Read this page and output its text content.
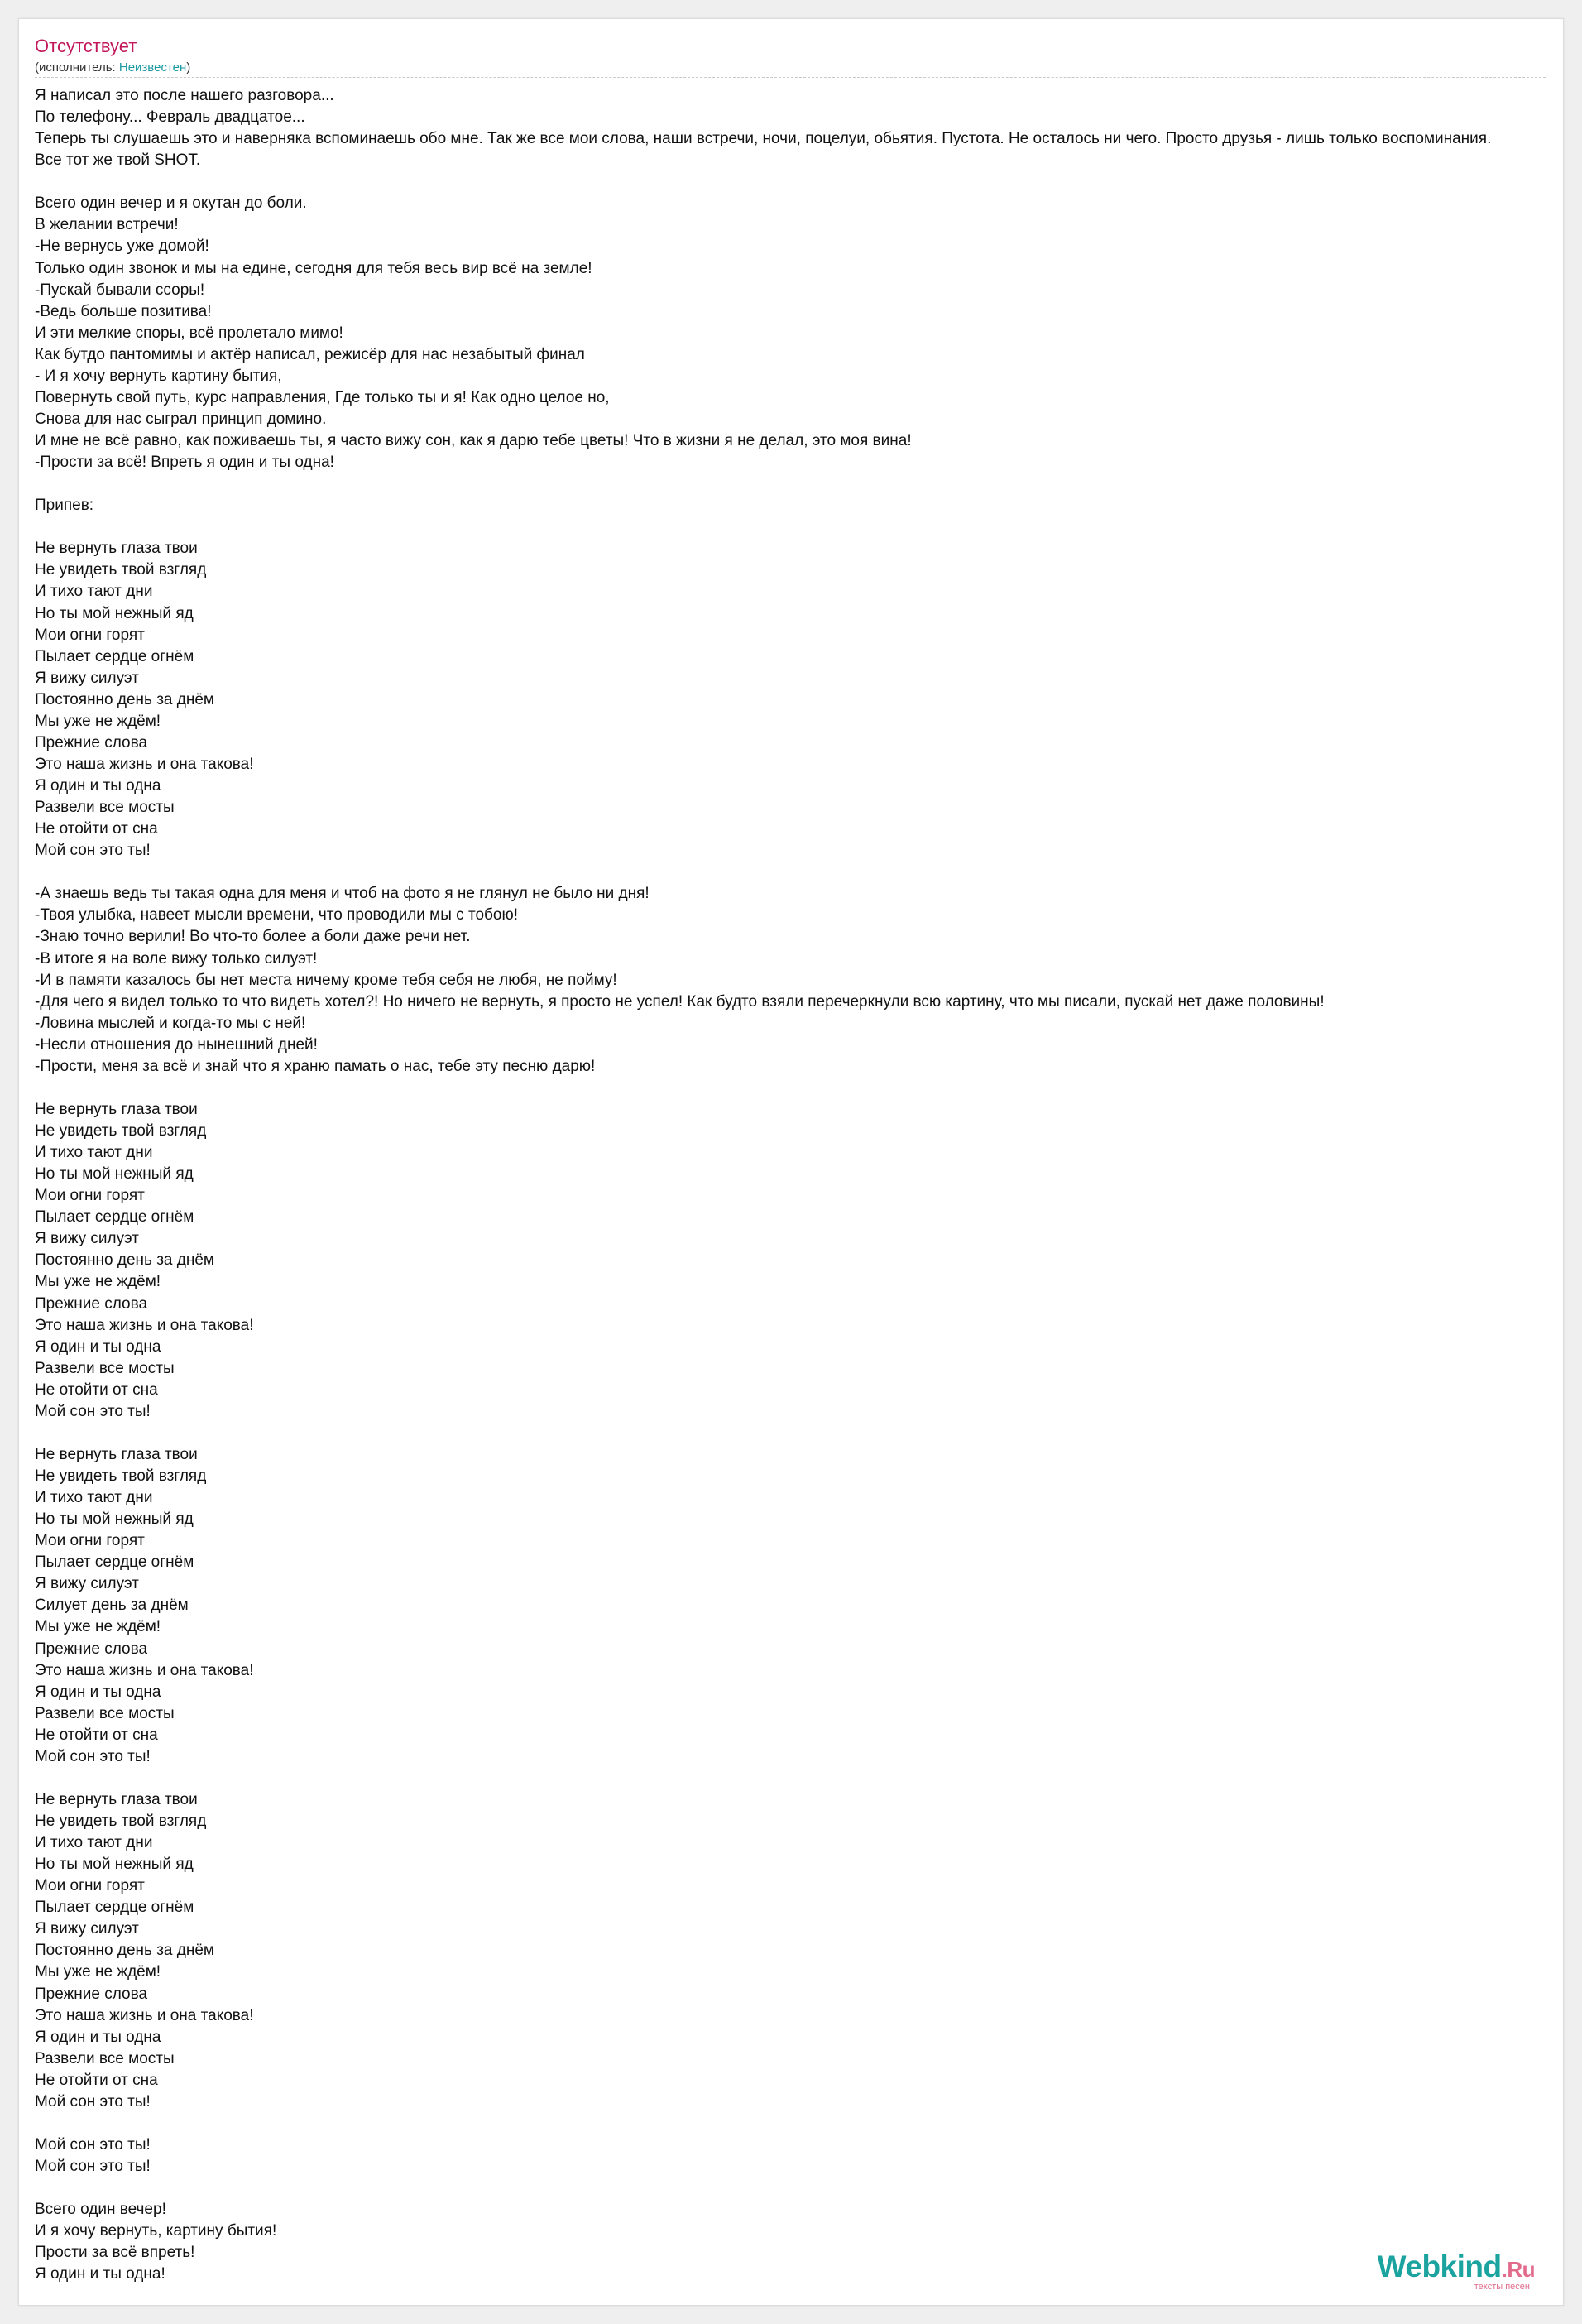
Отсутствует
(исполнитель: Неизвестен)
Я написал это после нашего разговора...
По телефону... Февраль двадцатое...
Теперь ты слушаешь это и наверняка вспоминаешь обо мне. Так же все мои слова, наши встречи, ночи, поцелуи, обьятия. Пустота. Не осталось ни чего. Просто друзья - лишь только воспоминания.
Все тот же твой SHOT.

Всего один вечер и я окутан до боли.
В желании встречи!
-Не вернусь уже домой!
Только один звонок и мы на едине, сегодня для тебя весь вир всё на земле!
-Пускай бывали ссоры!
-Ведь больше позитива!
И эти мелкие споры, всё пролетало мимо!
Как бутдо пантомимы и актёр написал, режисёр для нас незабытый финал
- И я хочу вернуть картину бытия,
Повернуть свой путь, курс направления, Где только ты и я! Как одно целое но,
Снова для нас сыграл принцип домино.
И мне не всё равно, как поживаешь ты, я часто вижу сон, как я дарю тебе цветы! Что в жизни я не делал, это моя вина!
-Прости за всё! Впреть я один и ты одна!

Припев:

Не вернуть глаза твои
Не увидеть твой взгляд
И тихо тают дни
Но ты мой нежный яд
Мои огни горят
Пылает сердце огнём
Я вижу силуэт
Постоянно день за днём
Мы уже не ждём!
Прежние слова
Это наша жизнь и она такова!
Я один и ты одна
Развели все мосты
Не отойти от сна
Мой сон это ты!

-А знаешь ведь ты такая одна для меня и чтоб на фото я не глянул не было ни дня!
-Твоя улыбка, навеет мысли времени, что проводили мы с тобою!
-Знаю точно верили! Во что-то более а боли даже речи нет.
-В итоге я на воле вижу только силуэт!
-И в памяти казалось бы нет места ничему кроме тебя себя не любя, не пойму!
-Для чего я видел только то что видеть хотел?! Но ничего не вернуть, я просто не успел! Как будто взяли перечеркнули всю картину, что мы писали, пускай нет даже половины!
-Ловина мыслей и когда-то мы с ней!
-Несли отношения до нынешний дней!
-Прости, меня за всё и знай что я храню памать о нас, тебе эту песню дарю!

Не вернуть глаза твои
Не увидеть твой взгляд
И тихо тают дни
Но ты мой нежный яд
Мои огни горят
Пылает сердце огнём
Я вижу силуэт
Постоянно день за днём
Мы уже не ждём!
Прежние слова
Это наша жизнь и она такова!
Я один и ты одна
Развели все мосты
Не отойти от сна
Мой сон это ты!

Не вернуть глаза твои
Не увидеть твой взгляд
И тихо тают дни
Но ты мой нежный яд
Мои огни горят
Пылает сердце огнём
Я вижу силуэт
Силует день за днём
Мы уже не ждём!
Прежние слова
Это наша жизнь и она такова!
Я один и ты одна
Развели все мосты
Не отойти от сна
Мой сон это ты!

Не вернуть глаза твои
Не увидеть твой взгляд
И тихо тают дни
Но ты мой нежный яд
Мои огни горят
Пылает сердце огнём
Я вижу силуэт
Постоянно день за днём
Мы уже не ждём!
Прежние слова
Это наша жизнь и она такова!
Я один и ты одна
Развели все мосты
Не отойти от сна
Мой сон это ты!

Мой сон это ты!
Мой сон это ты!

Всего один вечер!
И я хочу вернуть, картину бытия!
Прости за всё впреть!
Я один и ты одна!	Webkind.Ru
тексты песен
